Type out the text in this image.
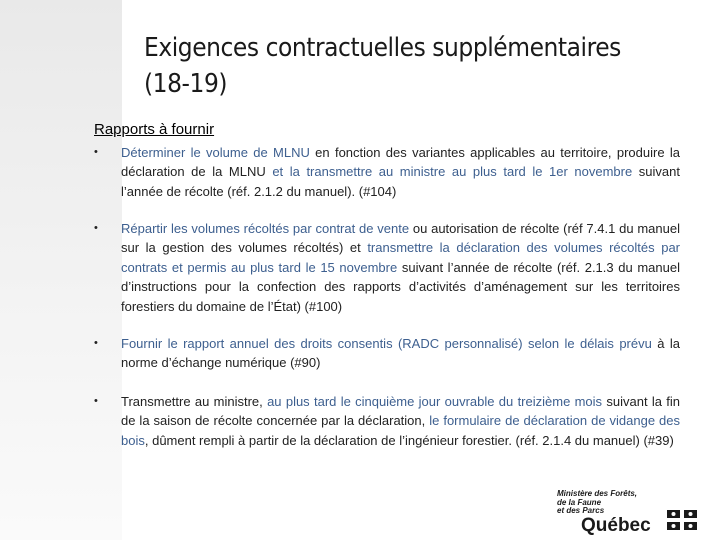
Exigences contractuelles supplémentaires
(18-19)
Rapports à fournir
•	Déterminer le volume de MLNU en fonction des variantes applicables au territoire, produire la déclaration de la MLNU et la transmettre au ministre au plus tard le 1er novembre suivant l’année de récolte (réf. 2.1.2 du manuel). (#104)
•	Répartir les volumes récoltés par contrat de vente ou autorisation de récolte (réf 7.4.1 du manuel sur la gestion des volumes récoltés) et transmettre la déclaration des volumes récoltés par contrats et permis au plus tard le 15 novembre suivant l’année de récolte (réf. 2.1.3 du manuel d’instructions pour la confection des rapports d’activités d’aménagement sur les territoires forestiers du domaine de l’État) (#100)
•	Fournir le rapport annuel des droits consentis (RADC personnalisé) selon le délais prévu à la norme d’échange numérique (#90)
•	Transmettre au ministre, au plus tard le cinquième jour ouvrable du treizième mois suivant la fin de la saison de récolte concernée par la déclaration, le formulaire de déclaration de vidange des bois, dûment rempli à partir de la déclaration de l’ingénieur forestier. (réf. 2.1.4 du manuel) (#39)
Ministère des Forêts,
de la Faune
et des Parcs
Québec
